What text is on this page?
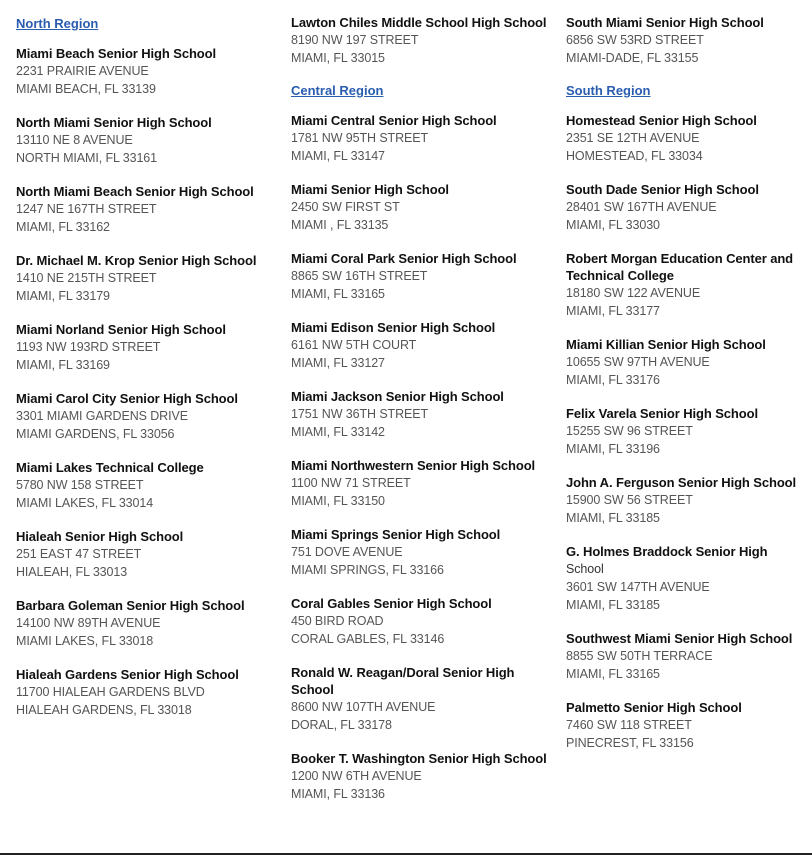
North Region
Miami Beach Senior High School
2231 PRAIRIE AVENUE
MIAMI BEACH, FL 33139
North Miami Senior High School
13110 NE 8 AVENUE
NORTH MIAMI, FL 33161
North Miami Beach Senior High School
1247 NE 167TH STREET
MIAMI, FL 33162
Dr. Michael M. Krop Senior High School
1410 NE 215TH STREET
MIAMI, FL 33179
Miami Norland Senior High School
1193 NW 193RD STREET
MIAMI, FL 33169
Miami Carol City Senior High School
3301 MIAMI GARDENS DRIVE
MIAMI GARDENS, FL 33056
Miami Lakes Technical College
5780 NW 158 STREET
MIAMI LAKES, FL 33014
Hialeah Senior High School
251 EAST 47 STREET
HIALEAH, FL 33013
Barbara Goleman Senior High School
14100 NW 89TH AVENUE
MIAMI LAKES, FL 33018
Hialeah Gardens Senior High School
11700 HIALEAH GARDENS BLVD
HIALEAH GARDENS, FL 33018
Lawton Chiles Middle School High School
8190 NW 197 STREET
MIAMI, FL 33015
Central Region
Miami Central Senior High School
1781 NW 95TH STREET
MIAMI, FL 33147
Miami Senior High School
2450 SW FIRST ST
MIAMI , FL 33135
Miami Coral Park Senior High School
8865 SW 16TH STREET
MIAMI, FL 33165
Miami Edison Senior High School
6161 NW 5TH COURT
MIAMI, FL 33127
Miami Jackson Senior High School
1751 NW 36TH STREET
MIAMI, FL 33142
Miami Northwestern Senior High School
1100 NW 71 STREET
MIAMI, FL 33150
Miami Springs Senior High School
751 DOVE AVENUE
MIAMI SPRINGS, FL 33166
Coral Gables Senior High School
450 BIRD ROAD
CORAL GABLES, FL 33146
Ronald W. Reagan/Doral Senior High School
8600 NW 107TH AVENUE
DORAL, FL 33178
Booker T. Washington Senior High School
1200 NW 6TH AVENUE
MIAMI, FL 33136
South Miami Senior High School
6856 SW 53RD STREET
MIAMI-DADE, FL 33155
South Region
Homestead Senior High School
2351 SE 12TH AVENUE
HOMESTEAD, FL 33034
South Dade Senior High School
28401 SW 167TH AVENUE
MIAMI, FL 33030
Robert Morgan Education Center and Technical College
18180 SW 122 AVENUE
MIAMI, FL 33177
Miami Killian Senior High School
10655 SW 97TH AVENUE
MIAMI, FL 33176
Felix Varela Senior High School
15255 SW 96 STREET
MIAMI, FL 33196
John A. Ferguson Senior High School
15900 SW 56 STREET
MIAMI, FL 33185
G. Holmes Braddock Senior High
School
3601 SW 147TH AVENUE
MIAMI, FL 33185
Southwest Miami Senior High School
8855 SW 50TH TERRACE
MIAMI, FL 33165
Palmetto Senior High School
7460 SW 118 STREET
PINECREST, FL 33156
